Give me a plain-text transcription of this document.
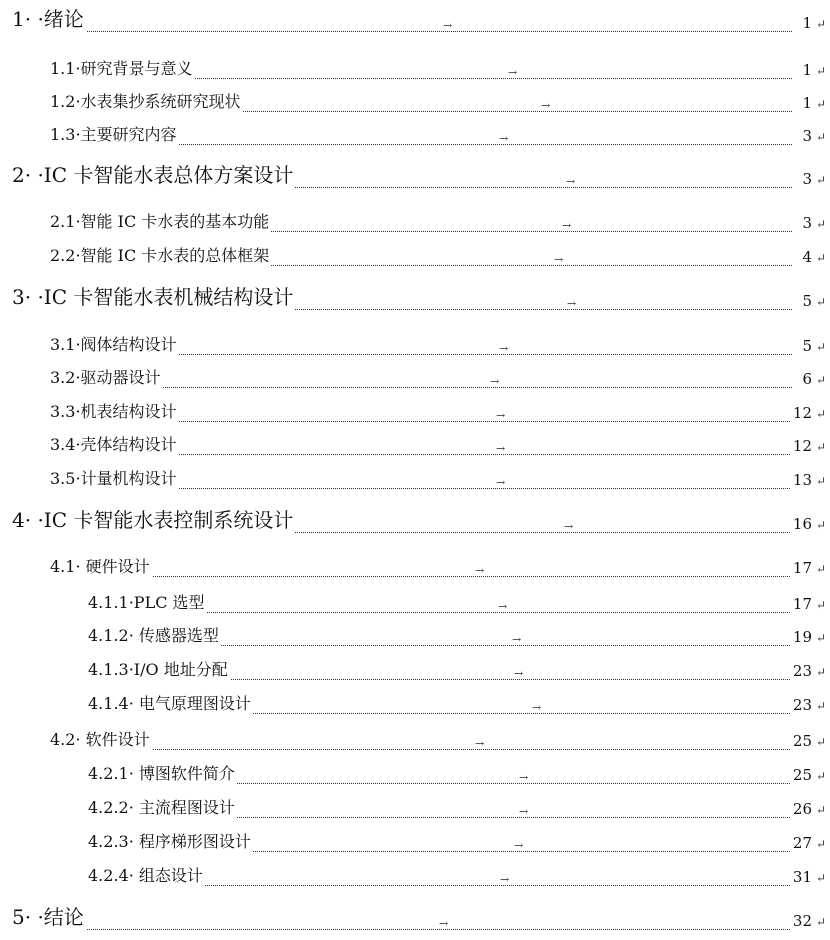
1· ·绪论	→	1 ↵
1.1·研究背景与意义	→	1 ↵
1.2·水表集抄系统研究现状	→	1 ↵
1.3·主要研究内容	→	3 ↵
2· ·IC 卡智能水表总体方案设计	→	3 ↵
2.1·智能 IC 卡水表的基本功能	→	3 ↵
2.2·智能 IC 卡水表的总体框架	→	4 ↵
3· ·IC 卡智能水表机械结构设计	→	5 ↵
3.1·阀体结构设计	→	5 ↵
3.2·驱动器设计	→	6 ↵
3.3·机表结构设计	→	12 ↵
3.4·壳体结构设计	→	12 ↵
3.5·计量机构设计	→	13 ↵
4· ·IC 卡智能水表控制系统设计	→	16 ↵
4.1· 硬件设计	→	17 ↵
4.1.1·PLC 选型	→	17 ↵
4.1.2· 传感器选型	→	19 ↵
4.1.3·I/O 地址分配	→	23 ↵
4.1.4· 电气原理图设计	→	23 ↵
4.2· 软件设计	→	25 ↵
4.2.1· 博图软件简介	→	25 ↵
4.2.2· 主流程图设计	→	26 ↵
4.2.3· 程序梯形图设计	→	27 ↵
4.2.4· 组态设计	→	31 ↵
5· ·结论	→	32 ↵
